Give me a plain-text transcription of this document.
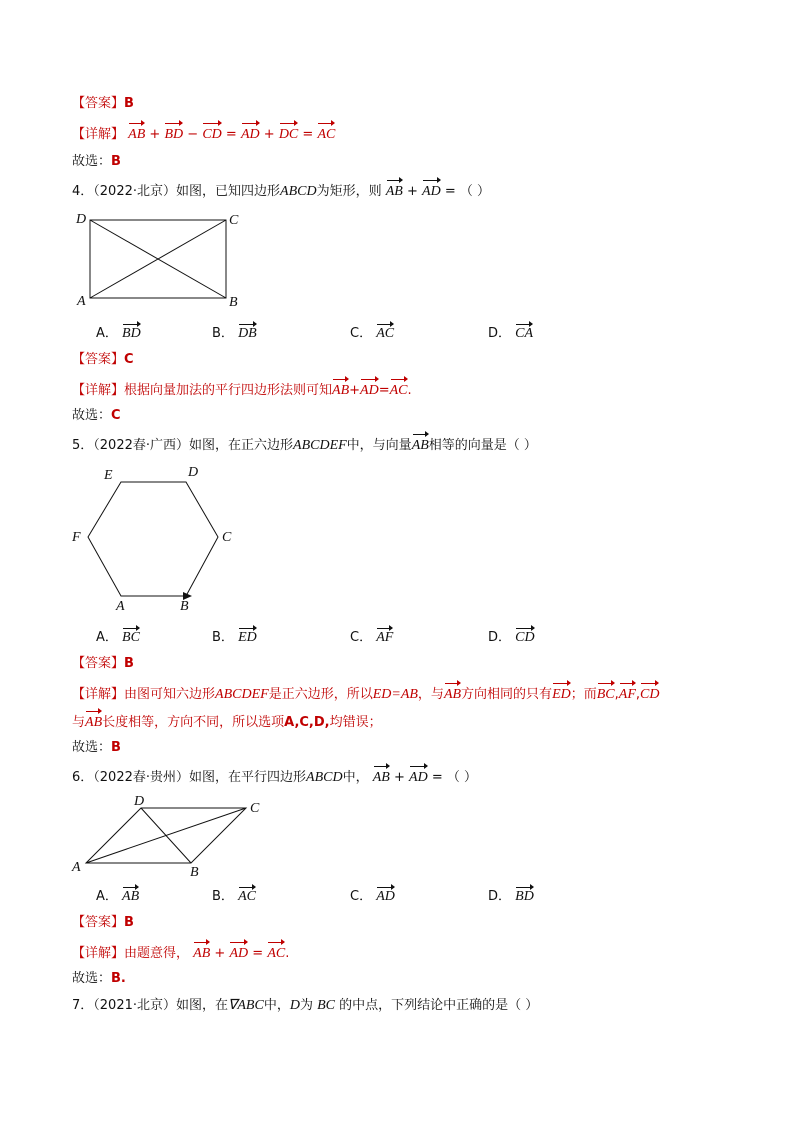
【答案】B
【详解】 AB + BD − CD = AD + DC = AC
故选：B
4．（2022·北京）如图，已知四边形ABCD为矩形，则 AB + AD = （ ）
D	C
A	B
A． BD	B． DB	C． AC	D． CA
【答案】C
【详解】根据向量加法的平行四边形法则可知AB+AD=AC.
故选：C
5．（2022春·广西）如图，在正六边形ABCDEF中，与向量AB相等的向量是（ ）
E	D
F	C
A	B
A． BC	B． ED	C． AF	D． CD
【答案】B
【详解】由图可知六边形ABCDEF是正六边形，所以ED=AB，与AB方向相同的只有ED；而BC,AF,CD
与AB长度相等，方向不同，所以选项A,C,D,均错误；
故选：B
6．（2022春·贵州）如图，在平行四边形ABCD中， AB + AD = （ ）
D	C
A	B
A． AB	B． AC	C． AD	D． BD
【答案】B
【详解】由题意得， AB + AD = AC.
故选：B.
7．（2021·北京）如图，在∇ABC中，D为 BC 的中点，下列结论中正确的是（ ）
